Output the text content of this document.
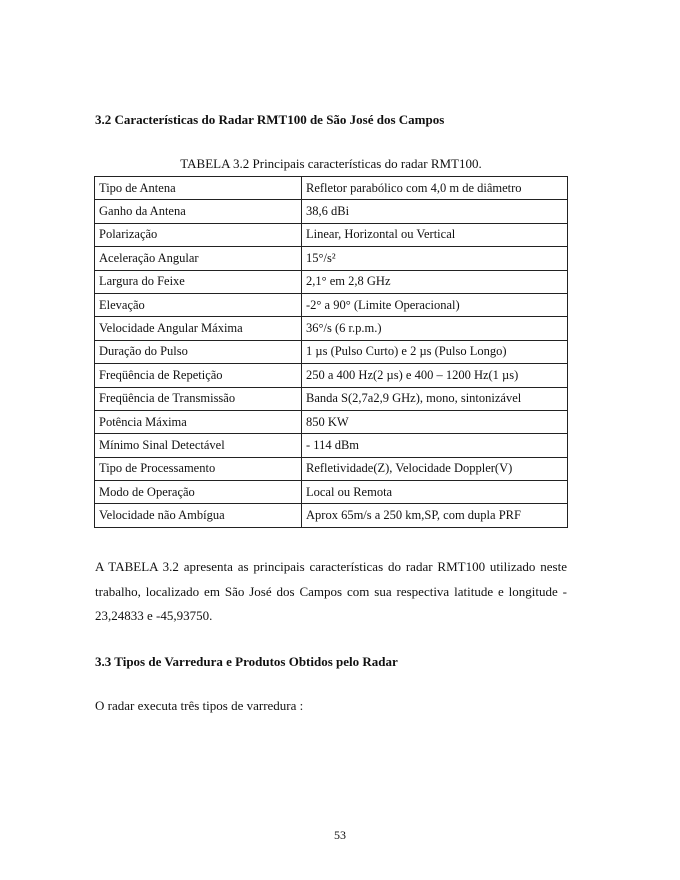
3.2 Características do Radar RMT100 de São José dos Campos

TABELA 3.2 Principais características do radar RMT100.

Tipo de Antena	Refletor parabólico com 4,0 m de diâmetro
Ganho da Antena	38,6 dBi
Polarização	Linear, Horizontal ou Vertical
Aceleração Angular	15°/s²
Largura do Feixe	2,1° em 2,8 GHz
Elevação	-2° a 90° (Limite Operacional)
Velocidade Angular Máxima	36°/s (6 r.p.m.)
Duração do Pulso	1 µs (Pulso Curto) e 2 µs (Pulso Longo)
Freqüência de Repetição	250 a 400 Hz(2 µs) e 400 – 1200 Hz(1 µs)
Freqüência de Transmissão	Banda S(2,7a2,9 GHz), mono, sintonizável
Potência Máxima	850 KW
Mínimo Sinal Detectável	- 114 dBm
Tipo de Processamento	Refletividade(Z), Velocidade Doppler(V)
Modo de Operação	Local ou Remota
Velocidade não Ambígua	Aprox 65m/s a 250 km,SP, com dupla PRF

A TABELA 3.2 apresenta as principais características do radar RMT100 utilizado neste trabalho, localizado em São José dos Campos com sua respectiva latitude e longitude - 23,24833 e -45,93750.

3.3 Tipos de Varredura e Produtos Obtidos pelo Radar

O radar executa três tipos de varredura :

53
